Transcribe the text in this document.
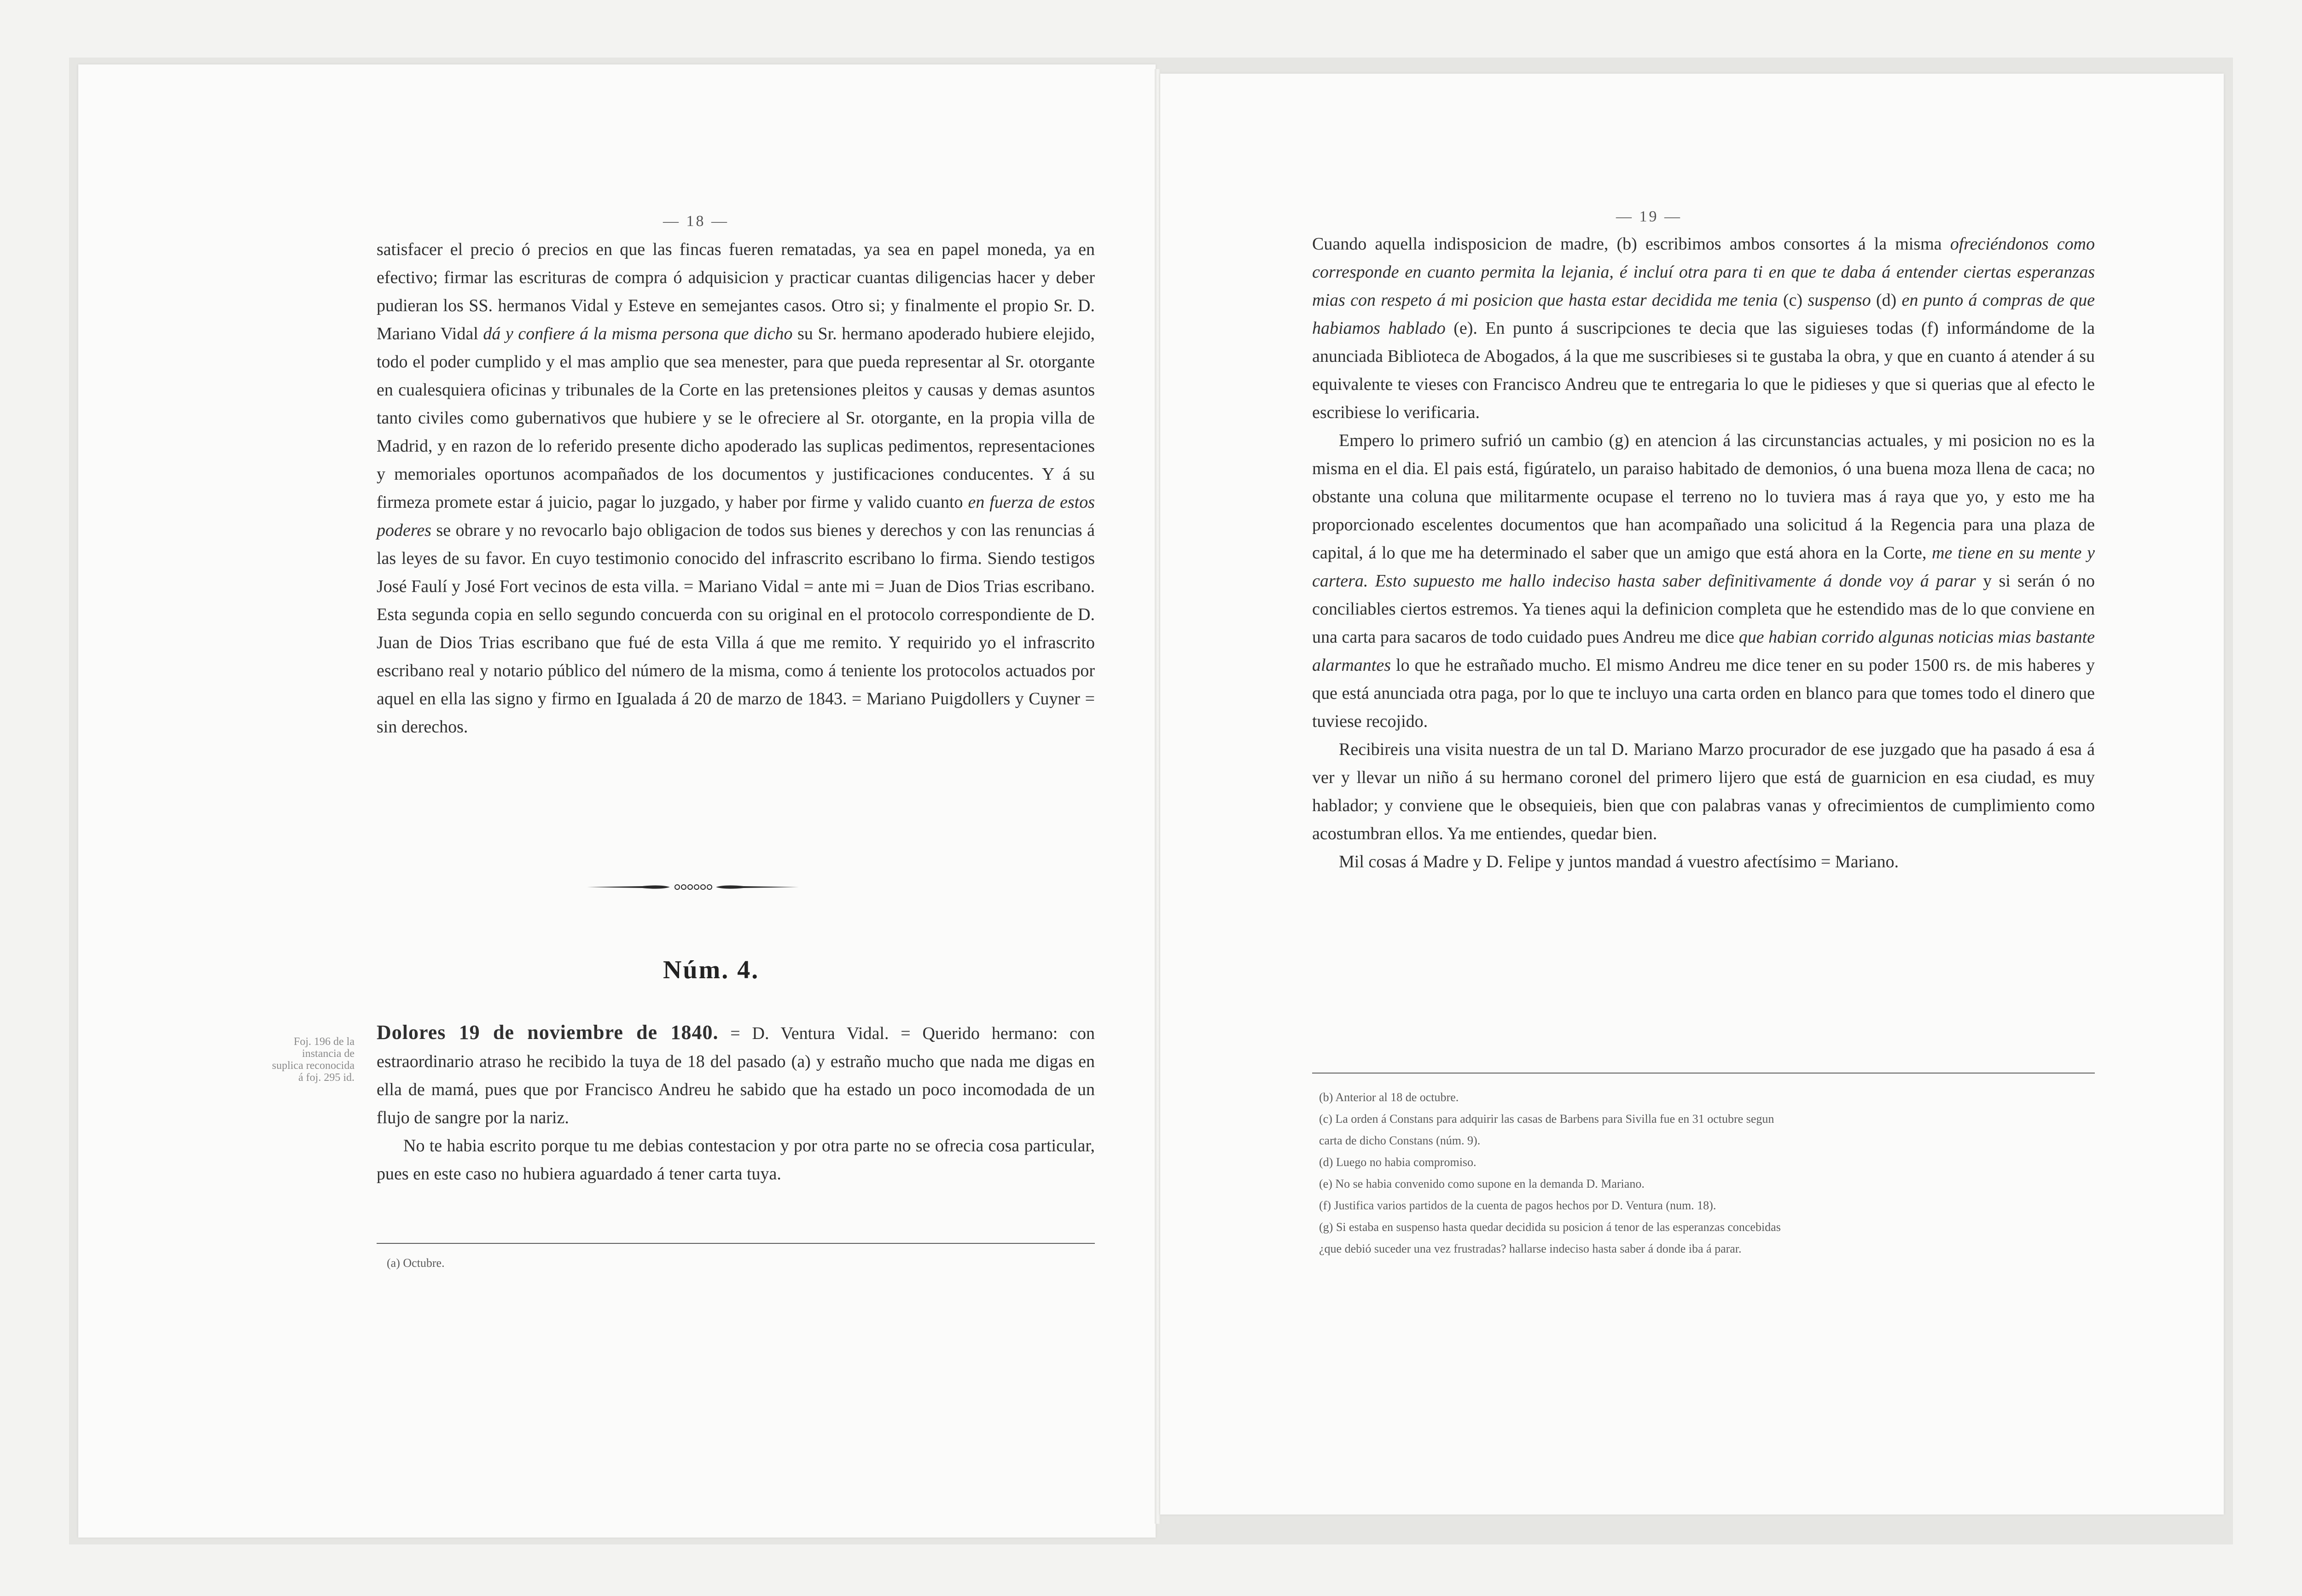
— 18 —

satisfacer el precio ó precios en que las fincas fueren rematadas, ya sea en papel moneda, ya en efectivo; firmar las escrituras de compra ó adquisicion y practicar cuantas diligencias hacer y deber pudieran los SS. hermanos Vidal y Esteve en semejantes casos. Otro si; y finalmente el propio Sr. D. Mariano Vidal dá y confiere á la misma persona que dicho su Sr. hermano apoderado hubiere elejido, todo el poder cumplido y el mas amplio que sea menester, para que pueda representar al Sr. otorgante en cualesquiera oficinas y tribunales de la Corte en las pretensiones pleitos y causas y demas asuntos tanto civiles como gubernativos que hubiere y se le ofreciere al Sr. otorgante, en la propia villa de Madrid, y en razon de lo referido presente dicho apoderado las suplicas pedimentos, representaciones y memoriales oportunos acompañados de los documentos y justificaciones conducentes. Y á su firmeza promete estar á juicio, pagar lo juzgado, y haber por firme y valido cuanto en fuerza de estos poderes se obrare y no revocarlo bajo obligacion de todos sus bienes y derechos y con las renuncias á las leyes de su favor. En cuyo testimonio conocido del infrascrito escribano lo firma. Siendo testigos José Faulí y José Fort vecinos de esta villa. = Mariano Vidal = ante mi = Juan de Dios Trias escribano. Esta segunda copia en sello segundo concuerda con su original en el protocolo correspondiente de D. Juan de Dios Trias escribano que fué de esta Villa á que me remito. Y requirido yo el infrascrito escribano real y notario público del número de la misma, como á teniente los protocolos actuados por aquel en ella las signo y firmo en Igualada á 20 de marzo de 1843. = Mariano Puigdollers y Cuyner = sin derechos.

Núm. 4.
Foj. 196 de la instancia de suplica reconocida á foj. 295 id.

Dolores 19 de noviembre de 1840. = D. Ventura Vidal. = Querido hermano: con estraordinario atraso he recibido la tuya de 18 del pasado (a) y estraño mucho que nada me digas en ella de mamá, pues que por Francisco Andreu he sabido que ha estado un poco incomodada de un flujo de sangre por la nariz.

No te habia escrito porque tu me debias contestacion y por otra parte no se ofrecia cosa particular, pues en este caso no hubiera aguardado á tener carta tuya.

(a) Octubre.
— 19 —

Cuando aquella indisposicion de madre, (b) escribimos ambos consortes á la misma ofreciéndonos como corresponde en cuanto permita la lejania, é incluí otra para ti en que te daba á entender ciertas esperanzas mias con respeto á mi posicion que hasta estar decidida me tenia (c) suspenso (d) en punto á compras de que habiamos hablado (e). En punto á suscripciones te decia que las siguieses todas (f) informándome de la anunciada Biblioteca de Abogados, á la que me suscribieses si te gustaba la obra, y que en cuanto á atender á su equivalente te vieses con Francisco Andreu que te entregaria lo que le pidieses y que si querias que al efecto le escribiese lo verificaria.

Empero lo primero sufrió un cambio (g) en atencion á las circunstancias actuales, y mi posicion no es la misma en el dia. El pais está, figúratelo, un paraiso habitado de demonios, ó una buena moza llena de caca; no obstante una coluna que militarmente ocupase el terreno no lo tuviera mas á raya que yo, y esto me ha proporcionado escelentes documentos que han acompañado una solicitud á la Regencia para una plaza de capital, á lo que me ha determinado el saber que un amigo que está ahora en la Corte, me tiene en su mente y cartera. Esto supuesto me hallo indeciso hasta saber definitivamente á donde voy á parar y si serán ó no conciliables ciertos estremos. Ya tienes aqui la definicion completa que he estendido mas de lo que conviene en una carta para sacaros de todo cuidado pues Andreu me dice que habian corrido algunas noticias mias bastante alarmantes lo que he estrañado mucho. El mismo Andreu me dice tener en su poder 1500 rs. de mis haberes y que está anunciada otra paga, por lo que te incluyo una carta orden en blanco para que tomes todo el dinero que tuviese recojido.

Recibireis una visita nuestra de un tal D. Mariano Marzo procurador de ese juzgado que ha pasado á esa á ver y llevar un niño á su hermano coronel del primero lijero que está de guarnicion en esa ciudad, es muy hablador; y conviene que le obsequieis, bien que con palabras vanas y ofrecimientos de cumplimiento como acostumbran ellos. Ya me entiendes, quedar bien.

Mil cosas á Madre y D. Felipe y juntos mandad á vuestro afectísimo = Mariano.

(b) Anterior al 18 de octubre.
(c) La orden á Constans para adquirir las casas de Barbens para Sivilla fue en 31 octubre segun
carta de dicho Constans (núm. 9).
(d) Luego no habia compromiso.
(e) No se habia convenido como supone en la demanda D. Mariano.
(f) Justifica varios partidos de la cuenta de pagos hechos por D. Ventura (num. 18).
(g) Si estaba en suspenso hasta quedar decidida su posicion á tenor de las esperanzas concebidas
¿que debió suceder una vez frustradas? hallarse indeciso hasta saber á donde iba á parar.
